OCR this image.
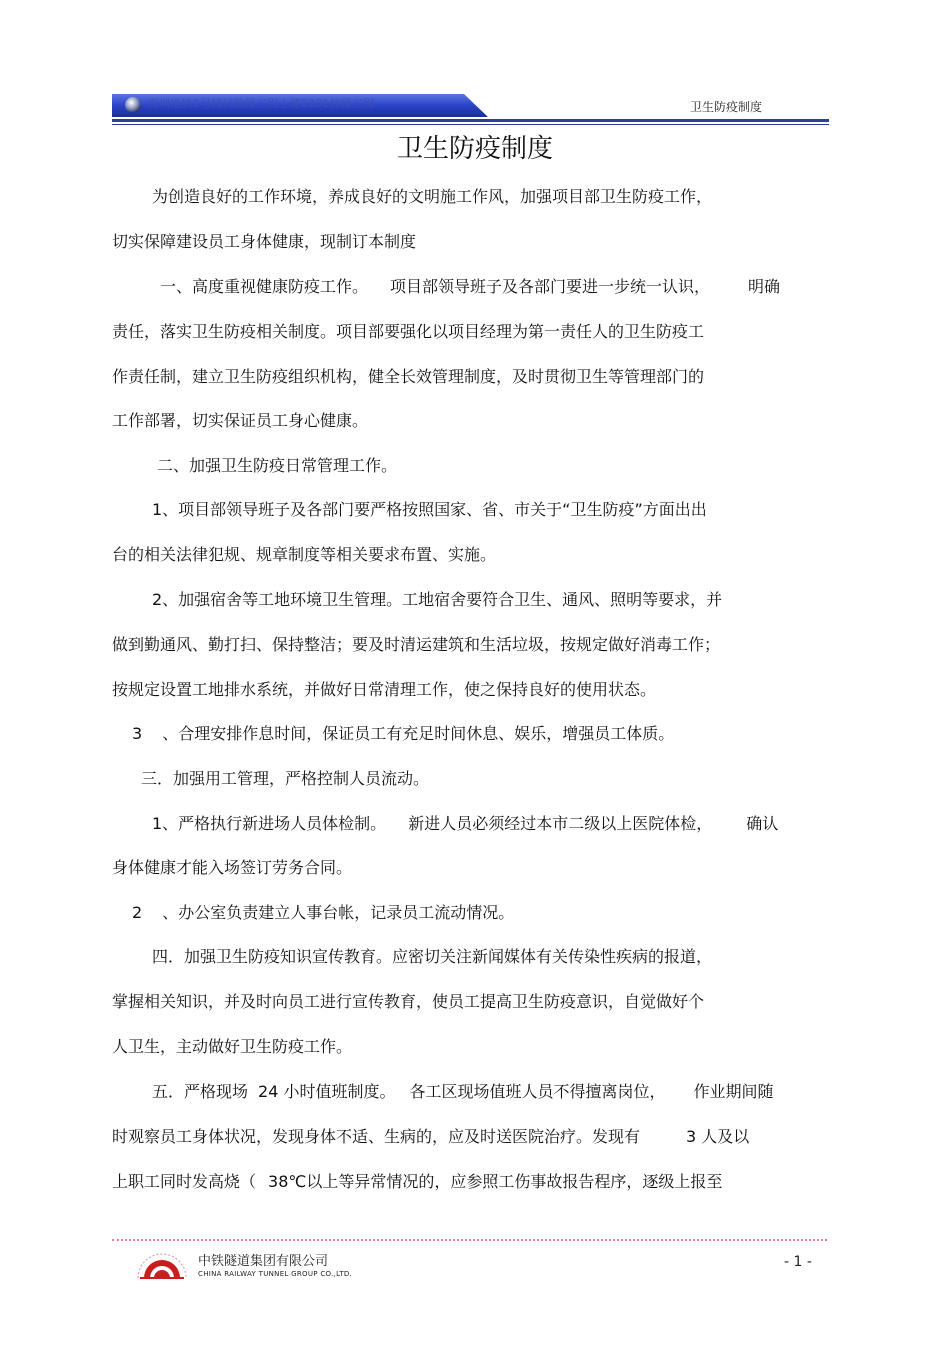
深圳地铁2号线试验段工程土建2201标段工程	卫生防疫制度
卫生防疫制度
为创造良好的工作环境，养成良好的文明施工作风，加强项目部卫生防疫工作，
切实保障建设员工身体健康，现制订本制度
一、高度重视健康防疫工作。 项目部领导班子及各部门要进一步统一认识， 明确
责任，落实卫生防疫相关制度。项目部要强化以项目经理为第一责任人的卫生防疫工
作责任制，建立卫生防疫组织机构，健全长效管理制度，及时贯彻卫生等管理部门的
工作部署，切实保证员工身心健康。
二、加强卫生防疫日常管理工作。
1、项目部领导班子及各部门要严格按照国家、省、市关于“卫生防疫”方面出出
台的相关法律犯规、规章制度等相关要求布置、实施。
2、加强宿舍等工地环境卫生管理。工地宿舍要符合卫生、通风、照明等要求，并
做到勤通风、勤打扫、保持整洁；要及时清运建筑和生活垃圾，按规定做好消毒工作；
按规定设置工地排水系统，并做好日常清理工作，使之保持良好的使用状态。
3 、合理安排作息时间，保证员工有充足时间休息、娱乐，增强员工体质。
三．加强用工管理，严格控制人员流动。
1、严格执行新进场人员体检制。 新进人员必须经过本市二级以上医院体检， 确认
身体健康才能入场签订劳务合同。
2 、办公室负责建立人事台帐，记录员工流动情况。
四．加强卫生防疫知识宣传教育。应密切关注新闻媒体有关传染性疾病的报道，
掌握相关知识，并及时向员工进行宣传教育，使员工提高卫生防疫意识，自觉做好个
人卫生，主动做好卫生防疫工作。
五．严格现场 24 小时值班制度。 各工区现场值班人员不得擅离岗位， 作业期间随
时观察员工身体状况，发现身体不适、生病的，应及时送医院治疗。发现有	3 人及以
上职工同时发高烧（ 38℃以上等异常情况的，应参照工伤事故报告程序，逐级上报至
中铁隧道集团有限公司
CHINA RAILWAY TUNNEL GROUP CO.,LTD.
- 1 -
